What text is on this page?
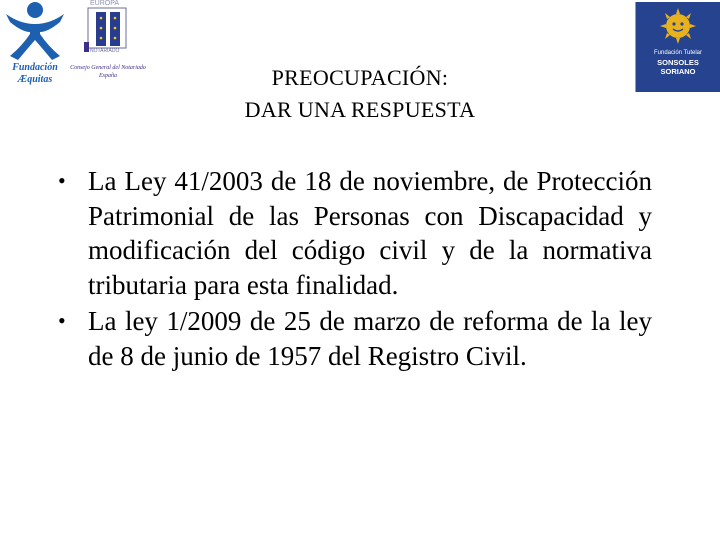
Fundación
Æquitas
EUROPA
NOTARIADO
Consejo General del Notariado
España
Fundación Tutelar
SONSOLES
SORIANO
PREOCUPACIÓN:
DAR UNA RESPUESTA
• La Ley 41/2003 de 18 de noviembre, de Protección Patrimonial de las Personas con Discapacidad y modificación del código civil y de la normativa tributaria para esta finalidad.
• La ley 1/2009 de 25 de marzo de reforma de la ley de 8 de junio de 1957 del Registro Civil.
